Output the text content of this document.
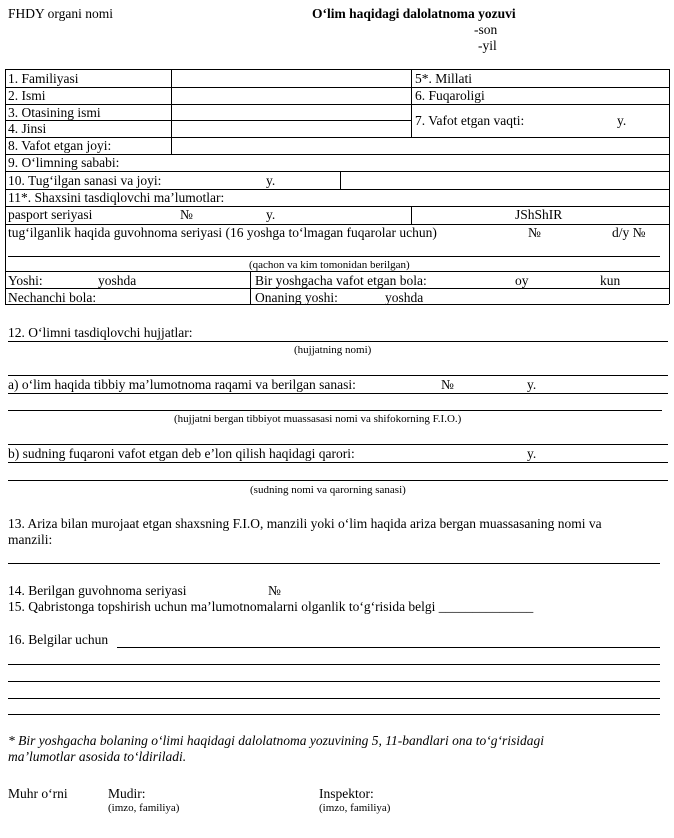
FHDY organi nomi	O‘lim haqidagi dalolatnoma yozuvi
-son
-yil
1. Familiyasi	5*. Millati
2. Ismi	6. Fuqaroligi
3. Otasining ismi
4. Jinsi
7. Vafot etgan vaqti:	y.
8. Vafot etgan joyi:
9. O‘limning sababi:
10. Tug‘ilgan sanasi va joyi:	y.
11*. Shaxsini tasdiqlovchi ma’lumotlar:
pasport seriyasi	№	y.	JShShIR
tug‘ilganlik haqida guvohnoma seriyasi (16 yoshga to‘lmagan fuqarolar uchun)	№	d/y №
(qachon va kim tomonidan berilgan)
Yoshi:	yoshda	Bir yoshgacha vafot etgan bola:	oy	kun
Nechanchi bola:	Onaning yoshi:	yoshda
12. O‘limni tasdiqlovchi hujjatlar:
(hujjatning nomi)
a) o‘lim haqida tibbiy ma’lumotnoma raqami va berilgan sanasi:	№	y.
(hujjatni bergan tibbiyot muassasasi nomi va shifokorning F.I.O.)
b) sudning fuqaroni vafot etgan deb e’lon qilish haqidagi qarori:	y.
(sudning nomi va qarorning sanasi)
13. Ariza bilan murojaat etgan shaxsning F.I.O, manzili yoki o‘lim haqida ariza bergan muassasaning nomi va
manzili:
14. Berilgan guvohnoma seriyasi	№
15. Qabristonga topshirish uchun ma’lumotnomalarni olganlik to‘g‘risida belgi ______________
16. Belgilar uchun
* Bir yoshgacha bolaning o‘limi haqidagi dalolatnoma yozuvining 5, 11-bandlari ona to‘g‘risidagi
ma’lumotlar asosida to‘ldiriladi.
Muhr o‘rni	Mudir:
(imzo, familiya)
Inspektor:
(imzo, familiya)
